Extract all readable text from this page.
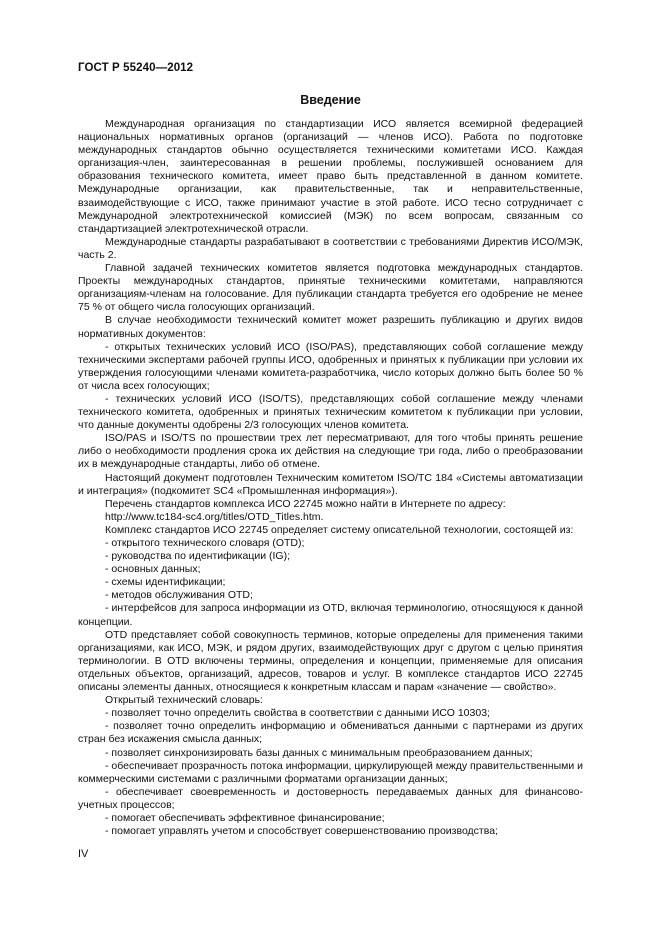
ГОСТ Р 55240—2012
Введение

Международная организация по стандартизации ИСО является всемирной федерацией национальных нормативных органов (организаций — членов ИСО). Работа по подготовке международных стандартов обычно осуществляется техническими комитетами ИСО. Каждая организация-член, заинтересованная в решении проблемы, послужившей основанием для образования технического комитета, имеет право быть представленной в данном комитете. Международные организации, как правительственные, так и неправительственные, взаимодействующие с ИСО, также принимают участие в этой работе. ИСО тесно сотрудничает с Международной электротехнической комиссией (МЭК) по всем вопросам, связанным со стандартизацией электротехнической отрасли.

Международные стандарты разрабатывают в соответствии с требованиями Директив ИСО/МЭК, часть 2.

Главной задачей технических комитетов является подготовка международных стандартов. Проекты международных стандартов, принятые техническими комитетами, направляются организациям-членам на голосование. Для публикации стандарта требуется его одобрение не менее 75 % от общего числа голосующих организаций.

В случае необходимости технический комитет может разрешить публикацию и других видов нормативных документов:

- открытых технических условий ИСО (ISO/PAS), представляющих собой соглашение между техническими экспертами рабочей группы ИСО, одобренных и принятых к публикации при условии их утверждения голосующими членами комитета-разработчика, число которых должно быть более 50 % от числа всех голосующих;

- технических условий ИСО (ISO/TS), представляющих собой соглашение между членами технического комитета, одобренных и принятых техническим комитетом к публикации при условии, что данные документы одобрены 2/3 голосующих членов комитета.

ISO/PAS и ISO/TS по прошествии трех лет пересматривают, для того чтобы принять решение либо о необходимости продления срока их действия на следующие три года, либо о преобразовании их в международные стандарты, либо об отмене.

Настоящий документ подготовлен Техническим комитетом ISO/TC 184 «Системы автоматизации и интеграция» (подкомитет SC4 «Промышленная информация»).

Перечень стандартов комплекса ИСО 22745 можно найти в Интернете по адресу:

http://www.tc184-sc4.org/titles/OTD_Titles.htm.

Комплекс стандартов ИСО 22745 определяет систему описательной технологии, состоящей из:

- открытого технического словаря (OTD);

- руководства по идентификации (IG);

- основных данных;

- схемы идентификации;

- методов обслуживания OTD;

- интерфейсов для запроса информации из OTD, включая терминологию, относящуюся к данной концепции.

OTD представляет собой совокупность терминов, которые определены для применения такими организациями, как ИСО, МЭК, и рядом других, взаимодействующих друг с другом с целью принятия терминологии. В OTD включены термины, определения и концепции, применяемые для описания отдельных объектов, организаций, адресов, товаров и услуг. В комплексе стандартов ИСО 22745 описаны элементы данных, относящиеся к конкретным классам и парам «значение — свойство».

Открытый технический словарь:

- позволяет точно определить свойства в соответствии с данными ИСО 10303;

- позволяет точно определить информацию и обмениваться данными с партнерами из других стран без искажения смысла данных;

- позволяет синхронизировать базы данных с минимальным преобразованием данных;

- обеспечивает прозрачность потока информации, циркулирующей между правительственными и коммерческими системами с различными форматами организации данных;

- обеспечивает своевременность и достоверность передаваемых данных для финансово-учетных процессов;

- помогает обеспечивать эффективное финансирование;

- помогает управлять учетом и способствует совершенствованию производства;

IV
